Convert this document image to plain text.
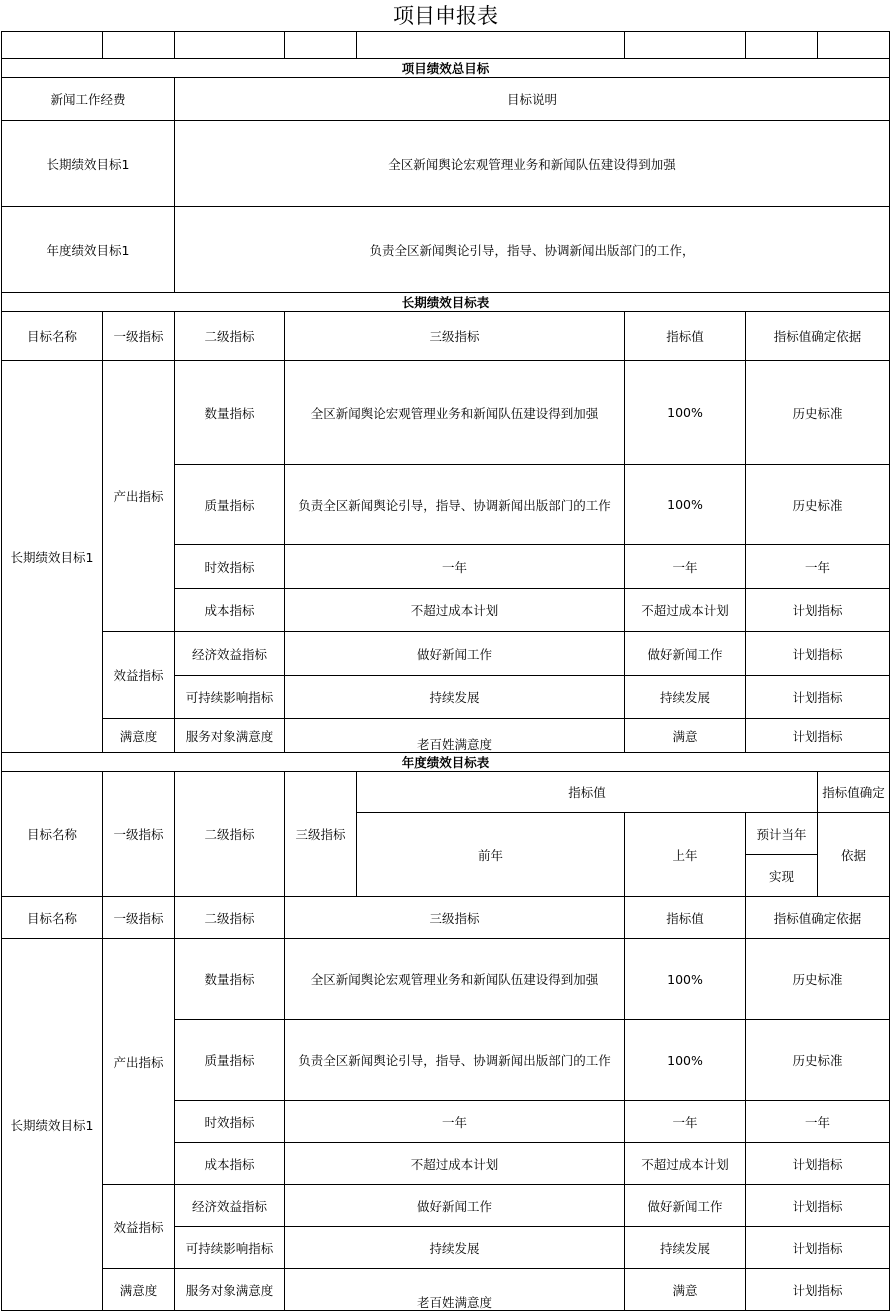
项目申报表

项目绩效总目标							
新闻工作经费		目标说明					
长期绩效目标1		全区新闻舆论宏观管理业务和新闻队伍建设得到加强					
年度绩效目标1		负责全区新闻舆论引导，指导、协调新闻出版部门的工作，					
长期绩效目标表							
目标名称	一级指标	二级指标	三级指标		指标值	指标值确定依据	
长期绩效目标1	产出指标	数量指标	全区新闻舆论宏观管理业务和新闻队伍建设得到加强		100%	历史标准	
		质量指标	负责全区新闻舆论引导，指导、协调新闻出版部门的工作		100%	历史标准	
		时效指标	一年		一年	一年	
		成本指标	不超过成本计划		不超过成本计划	计划指标	
	效益指标	经济效益指标	做好新闻工作		做好新闻工作	计划指标	
		可持续影响指标	持续发展		持续发展	计划指标	
	满意度	服务对象满意度	老百姓满意度		满意	计划指标	
年度绩效目标表							
目标名称	一级指标	二级指标	三级指标	指标值			指标值确定
				前年	上年	预计当年	依据
						实现	
目标名称	一级指标	二级指标	三级指标		指标值	指标值确定依据	
长期绩效目标1	产出指标	数量指标	全区新闻舆论宏观管理业务和新闻队伍建设得到加强		100%	历史标准	
		质量指标	负责全区新闻舆论引导，指导、协调新闻出版部门的工作		100%	历史标准	
		时效指标	一年		一年	一年	
		成本指标	不超过成本计划		不超过成本计划	计划指标	
	效益指标	经济效益指标	做好新闻工作		做好新闻工作	计划指标	
		可持续影响指标	持续发展		持续发展	计划指标	
	满意度	服务对象满意度	老百姓满意度		满意	计划指标	
